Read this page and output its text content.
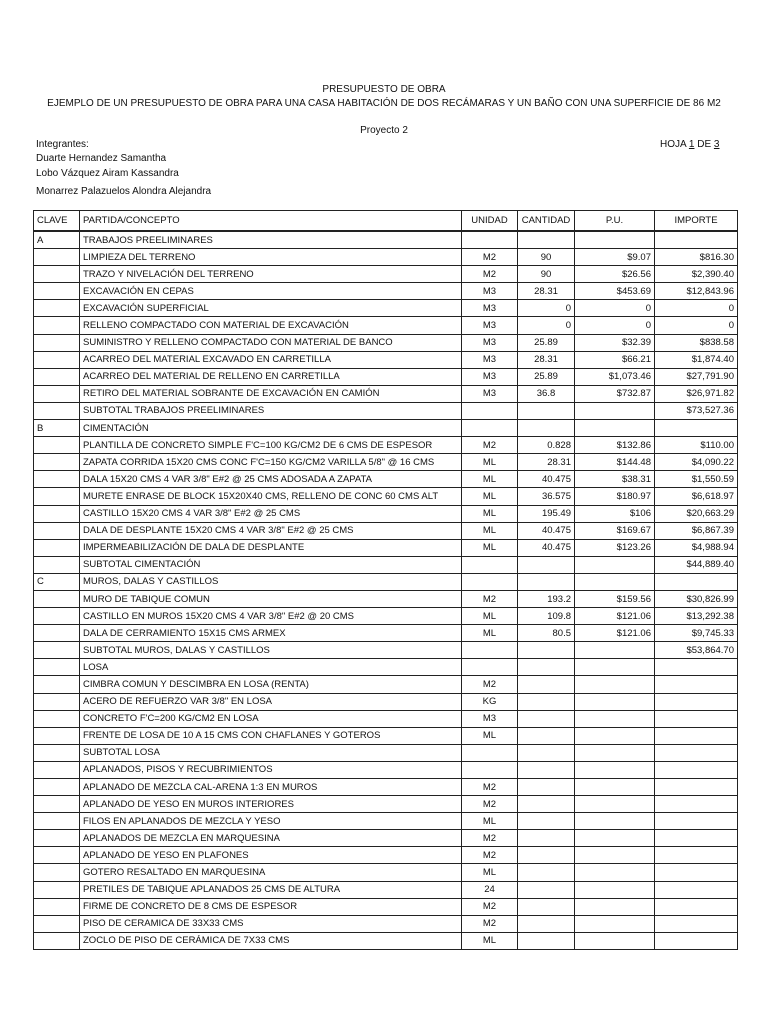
PRESUPUESTO DE OBRA
EJEMPLO DE UN PRESUPUESTO DE OBRA PARA UNA CASA HABITACIÓN DE DOS RECÁMARAS Y UN BAÑO CON UNA SUPERFICIE DE 86 M2
Proyecto 2
Integrantes:	HOJA 1 DE 3
Duarte Hernandez Samantha
Lobo Vázquez Airam Kassandra
Monarrez Palazuelos Alondra Alejandra
CLAVE	PARTIDA/CONCEPTO	UNIDAD	CANTIDAD	P.U.	IMPORTE
A	TRABAJOS PREELIMINARES				
	LIMPIEZA DEL TERRENO	M2	90	$9.07	$816.30
	TRAZO Y NIVELACIÓN DEL TERRENO	M2	90	$26.56	$2,390.40
	EXCAVACIÓN EN CEPAS	M3	28.31	$453.69	$12,843.96
	EXCAVACIÓN SUPERFICIAL	M3	0	0	0
	RELLENO COMPACTADO CON MATERIAL DE EXCAVACIÓN	M3	0	0	0
	SUMINISTRO Y RELLENO COMPACTADO CON MATERIAL DE BANCO	M3	25.89	$32.39	$838.58
	ACARREO DEL MATERIAL EXCAVADO EN CARRETILLA	M3	28.31	$66.21	$1,874.40
	ACARREO DEL MATERIAL DE RELLENO EN CARRETILLA	M3	25.89	$1,073.46	$27,791.90
	RETIRO DEL MATERIAL SOBRANTE DE EXCAVACIÓN EN CAMIÓN	M3	36.8	$732.87	$26,971.82
	SUBTOTAL TRABAJOS PREELIMINARES				$73,527.36
B	CIMENTACIÓN				
	PLANTILLA DE CONCRETO SIMPLE F'C=100 KG/CM2 DE 6 CMS DE ESPESOR	M2	0.828	$132.86	$110.00
	ZAPATA CORRIDA 15X20 CMS CONC F'C=150 KG/CM2 VARILLA 5/8" @ 16 CMS	ML	28.31	$144.48	$4,090.22
	DALA 15X20 CMS 4 VAR 3/8" E#2 @ 25 CMS ADOSADA A ZAPATA	ML	40.475	$38.31	$1,550.59
	MURETE ENRASE DE BLOCK 15X20X40 CMS, RELLENO DE CONC 60 CMS ALT	ML	36.575	$180.97	$6,618.97
	CASTILLO 15X20 CMS 4 VAR 3/8" E#2 @ 25 CMS	ML	195.49	$106	$20,663.29
	DALA DE DESPLANTE 15X20 CMS 4 VAR 3/8" E#2 @ 25 CMS	ML	40.475	$169.67	$6,867.39
	IMPERMEABILIZACIÓN DE DALA DE DESPLANTE	ML	40.475	$123.26	$4,988.94
	SUBTOTAL CIMENTACIÓN				$44,889.40
C	MUROS, DALAS Y CASTILLOS				
	MURO DE TABIQUE COMUN	M2	193.2	$159.56	$30,826.99
	CASTILLO EN MUROS 15X20 CMS 4 VAR 3/8" E#2 @ 20 CMS	ML	109.8	$121.06	$13,292.38
	DALA DE CERRAMIENTO 15X15 CMS ARMEX	ML	80.5	$121.06	$9,745.33
	SUBTOTAL MUROS, DALAS Y CASTILLOS				$53,864.70
	LOSA				
	CIMBRA COMUN Y DESCIMBRA EN LOSA (RENTA)	M2			
	ACERO DE REFUERZO VAR 3/8" EN LOSA	KG			
	CONCRETO F'C=200 KG/CM2 EN LOSA	M3			
	FRENTE DE LOSA DE 10 A 15 CMS CON CHAFLANES Y GOTEROS	ML			
	SUBTOTAL LOSA				
	APLANADOS, PISOS Y RECUBRIMIENTOS				
	APLANADO DE MEZCLA CAL-ARENA 1:3 EN MUROS	M2			
	APLANADO DE YESO EN MUROS INTERIORES	M2			
	FILOS EN APLANADOS DE MEZCLA Y YESO	ML			
	APLANADOS DE MEZCLA EN MARQUESINA	M2			
	APLANADO DE YESO EN PLAFONES	M2			
	GOTERO RESALTADO EN MARQUESINA	ML			
	PRETILES DE TABIQUE APLANADOS 25 CMS DE ALTURA	24			
	FIRME DE CONCRETO DE 8 CMS DE ESPESOR	M2			
	PISO DE CERAMICA DE 33X33 CMS	M2			
	ZOCLO DE PISO DE CERÁMICA DE 7X33 CMS	ML			
